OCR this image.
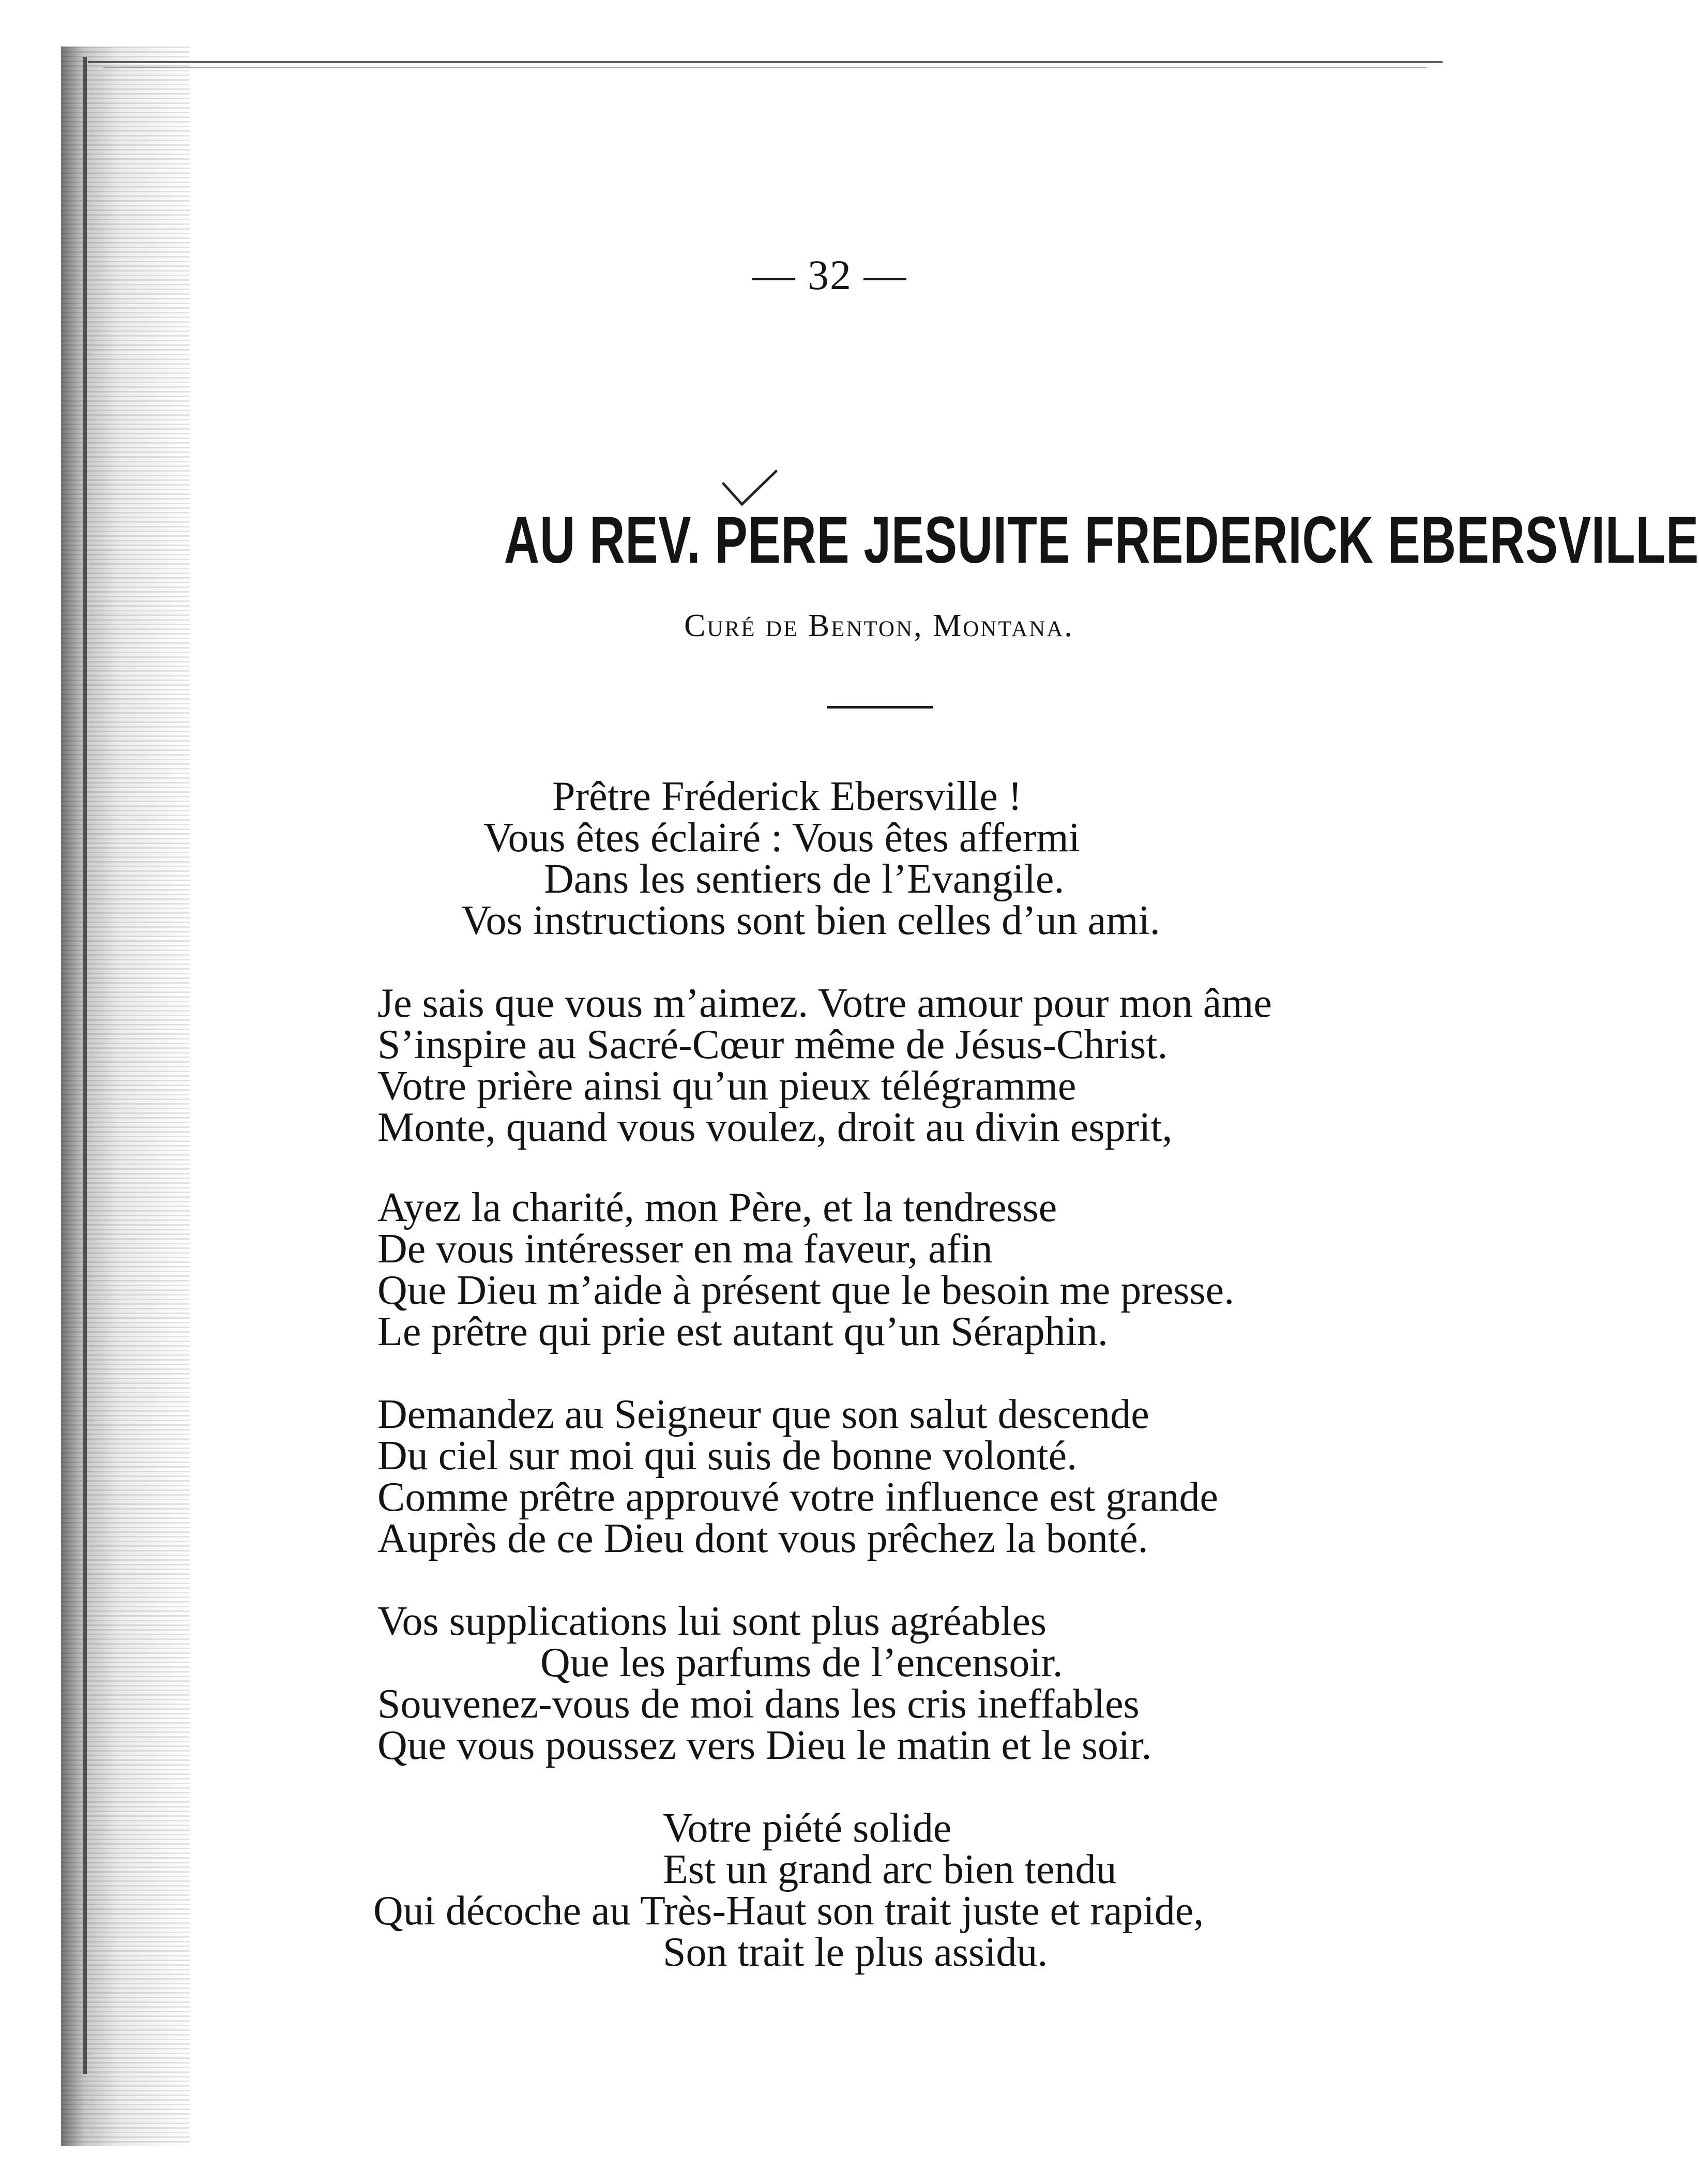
— 32 —
AU REV. PERE JESUITE FREDERICK EBERSVILLE
Curé de Benton, Montana.
Prêtre Fréderick Ebersville !
Vous êtes éclairé : Vous êtes affermi
Dans les sentiers de l’Evangile.
Vos instructions sont bien celles d’un ami.
Je sais que vous m’aimez. Votre amour pour mon âme
S’inspire au Sacré-Cœur même de Jésus-Christ.
Votre prière ainsi qu’un pieux télégramme
Monte, quand vous voulez, droit au divin esprit,
Ayez la charité, mon Père, et la tendresse
De vous intéresser en ma faveur, afin
Que Dieu m’aide à présent que le besoin me presse.
Le prêtre qui prie est autant qu’un Séraphin.
Demandez au Seigneur que son salut descende
Du ciel sur moi qui suis de bonne volonté.
Comme prêtre approuvé votre influence est grande
Auprès de ce Dieu dont vous prêchez la bonté.
Vos supplications lui sont plus agréables
Que les parfums de l’encensoir.
Souvenez-vous de moi dans les cris ineffables
Que vous poussez vers Dieu le matin et le soir.
Votre piété solide
Est un grand arc bien tendu
Qui décoche au Très-Haut son trait juste et rapide,
Son trait le plus assidu.
